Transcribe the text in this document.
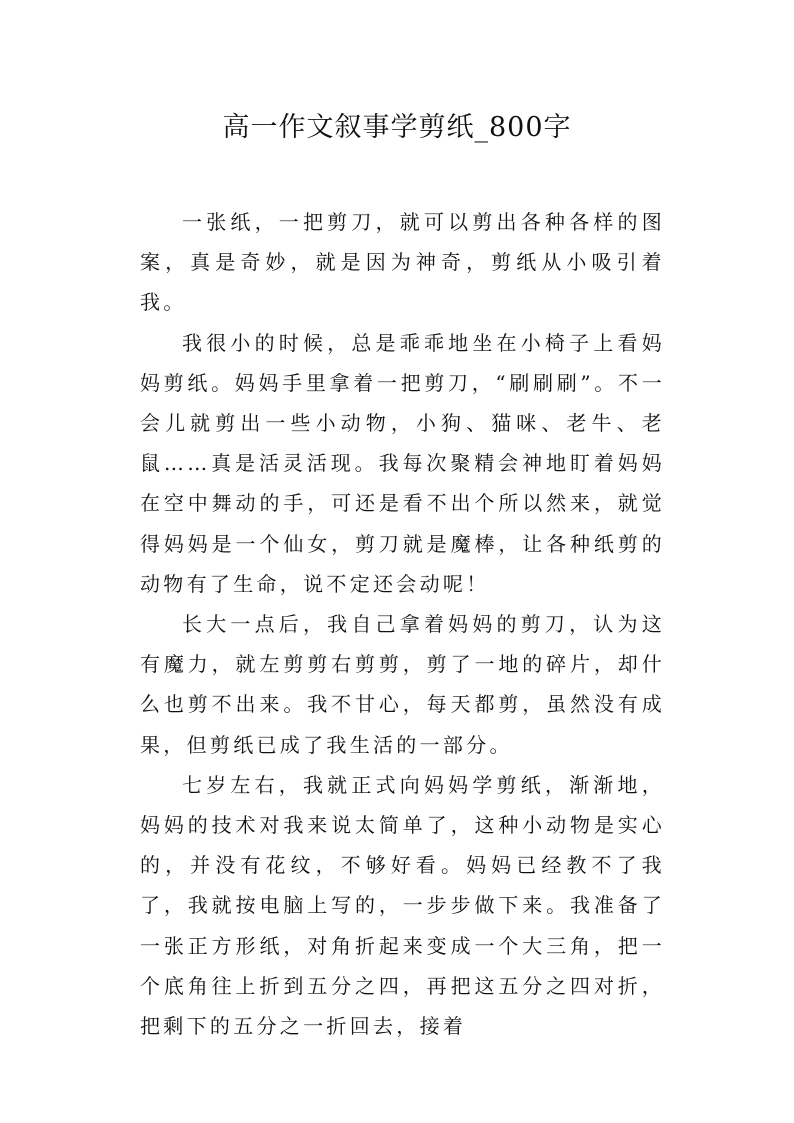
高一作文叙事学剪纸_800字

一张纸，一把剪刀，就可以剪出各种各样的图案，真是奇妙，就是因为神奇，剪纸从小吸引着我。

我很小的时候，总是乖乖地坐在小椅子上看妈妈剪纸。妈妈手里拿着一把剪刀，“刷刷刷”。不一会儿就剪出一些小动物，小狗、猫咪、老牛、老鼠……真是活灵活现。我每次聚精会神地盯着妈妈在空中舞动的手，可还是看不出个所以然来，就觉得妈妈是一个仙女，剪刀就是魔棒，让各种纸剪的动物有了生命，说不定还会动呢！

长大一点后，我自己拿着妈妈的剪刀，认为这有魔力，就左剪剪右剪剪，剪了一地的碎片，却什么也剪不出来。我不甘心，每天都剪，虽然没有成果，但剪纸已成了我生活的一部分。

七岁左右，我就正式向妈妈学剪纸，渐渐地，妈妈的技术对我来说太简单了，这种小动物是实心的，并没有花纹，不够好看。妈妈已经教不了我了，我就按电脑上写的，一步步做下来。我准备了一张正方形纸，对角折起来变成一个大三角，把一个底角往上折到五分之四，再把这五分之四对折，把剩下的五分之一折回去，接着
